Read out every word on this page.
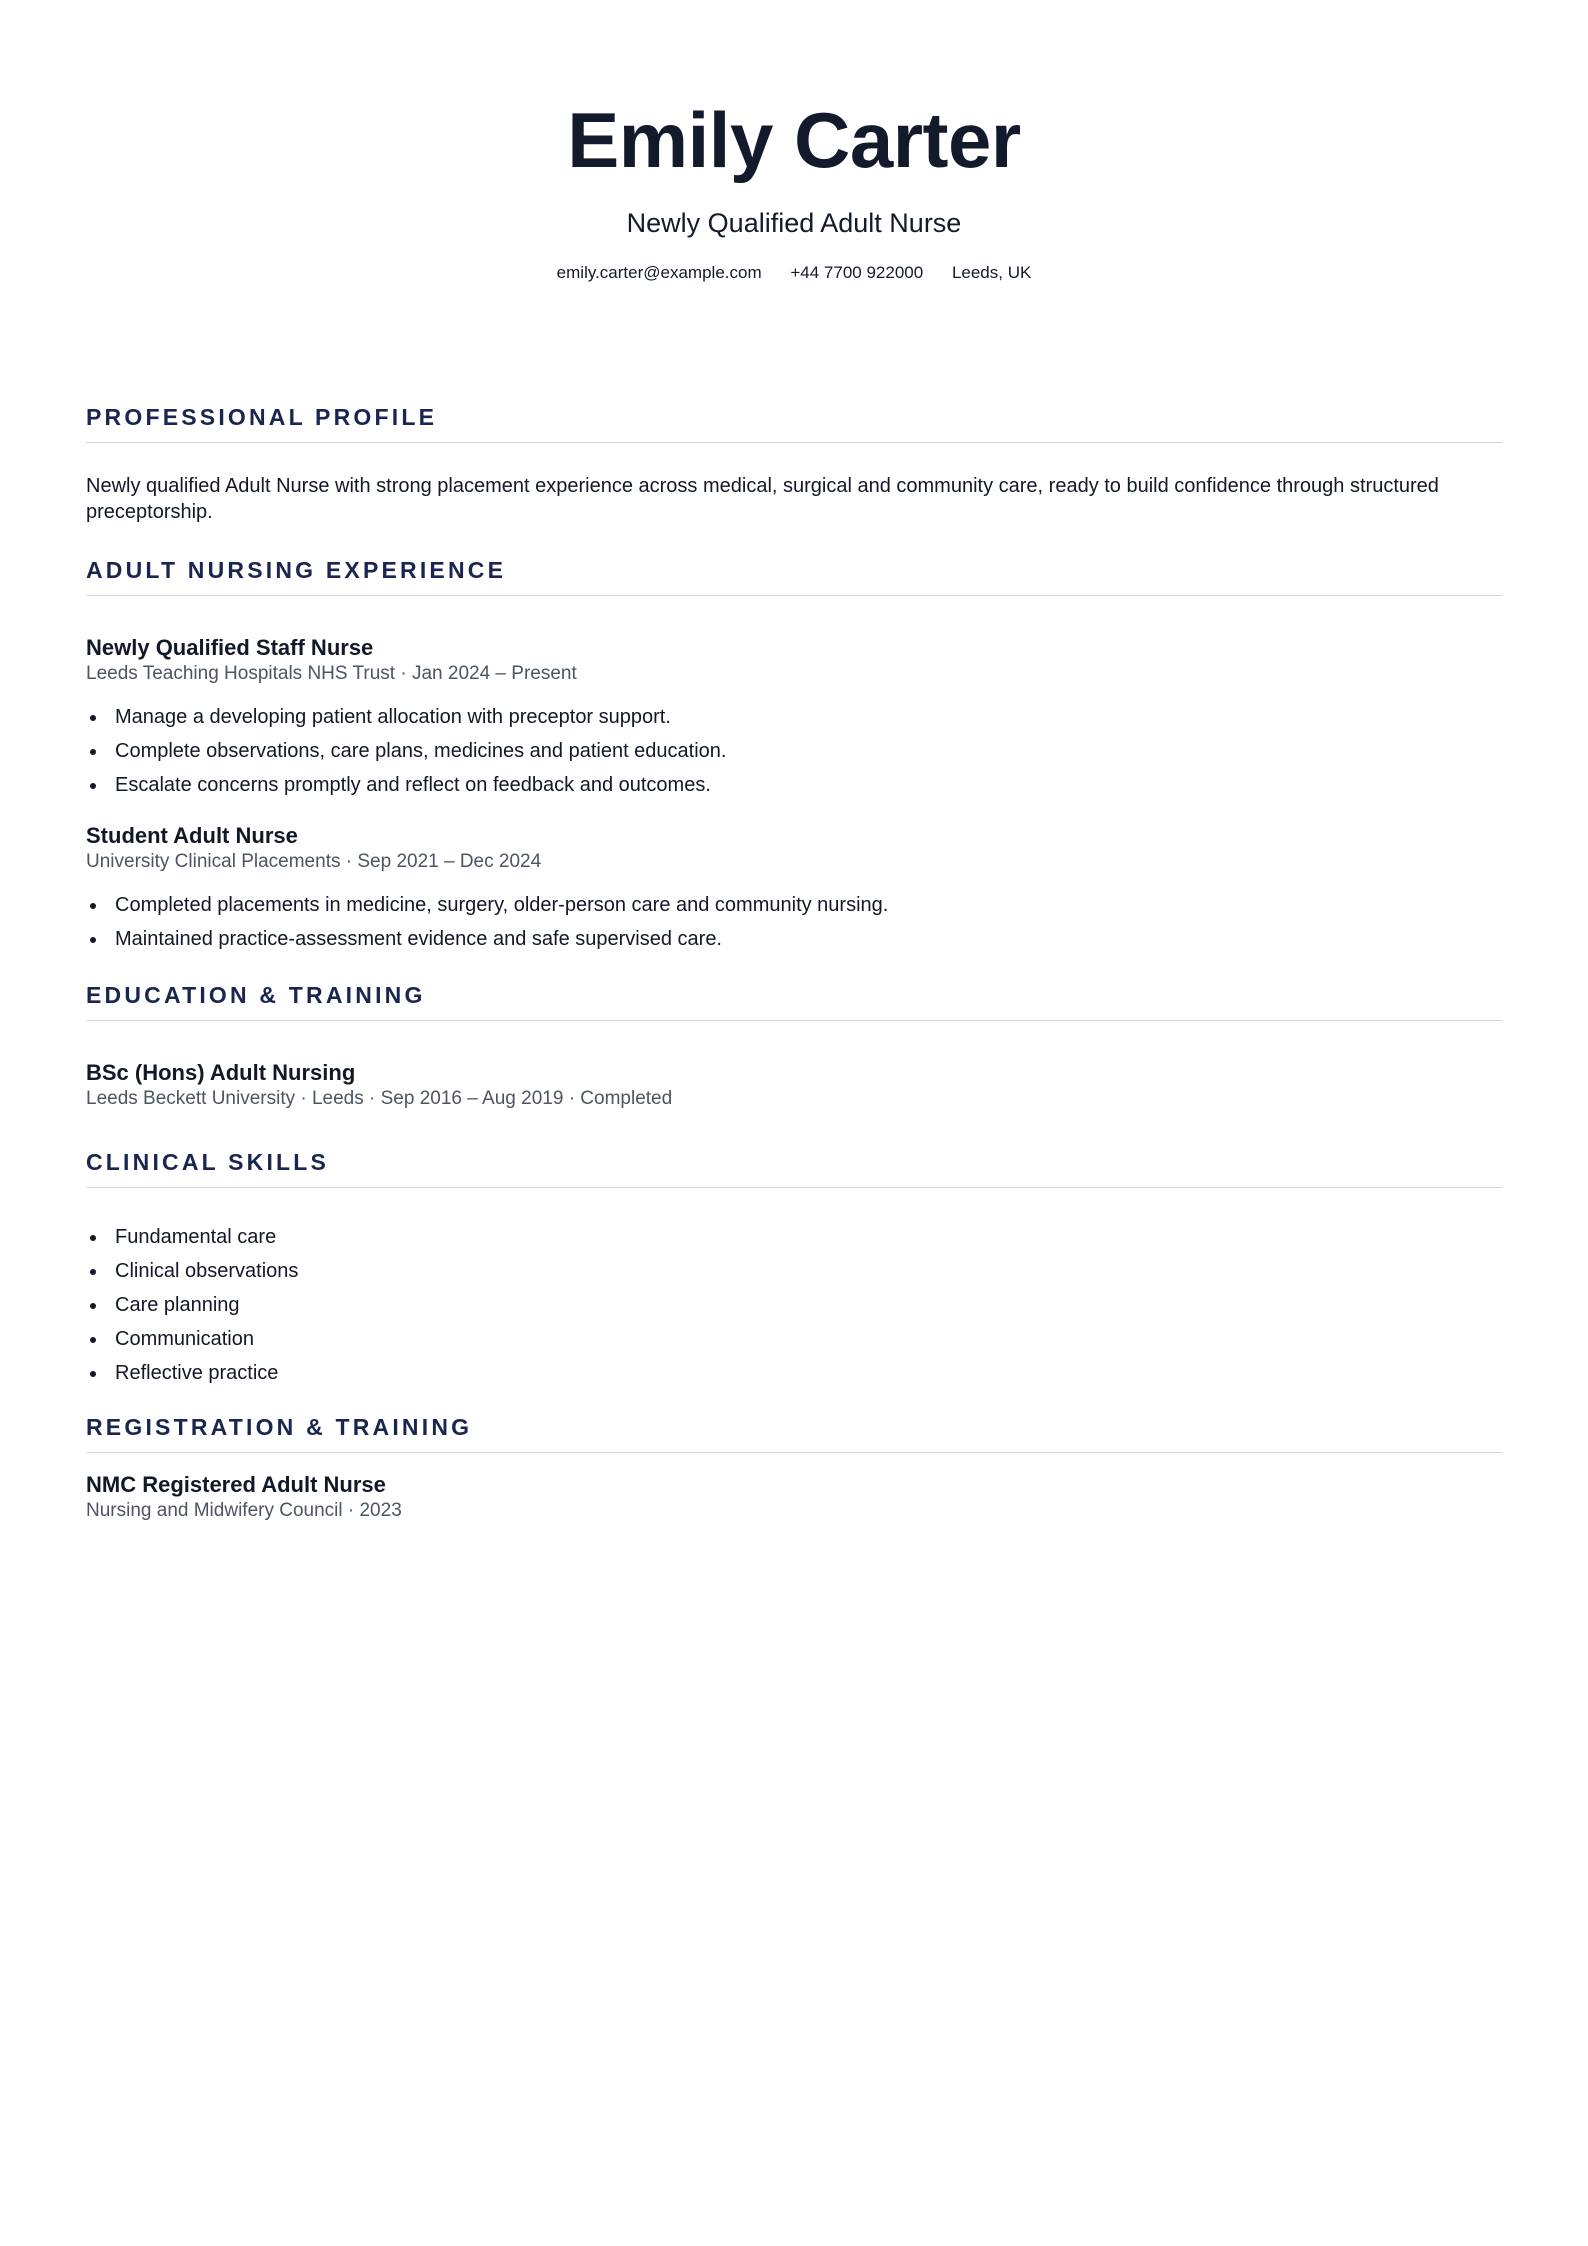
Emily Carter
Newly Qualified Adult Nurse
emily.carter@example.com +44 7700 922000 Leeds, UK
PROFESSIONAL PROFILE
Newly qualified Adult Nurse with strong placement experience across medical, surgical and community care, ready to build confidence through structured preceptorship.
ADULT NURSING EXPERIENCE
Newly Qualified Staff Nurse
Leeds Teaching Hospitals NHS Trust · Jan 2024 – Present
Manage a developing patient allocation with preceptor support.
Complete observations, care plans, medicines and patient education.
Escalate concerns promptly and reflect on feedback and outcomes.
Student Adult Nurse
University Clinical Placements · Sep 2021 – Dec 2024
Completed placements in medicine, surgery, older-person care and community nursing.
Maintained practice-assessment evidence and safe supervised care.
EDUCATION & TRAINING
BSc (Hons) Adult Nursing
Leeds Beckett University · Leeds · Sep 2016 – Aug 2019 · Completed
CLINICAL SKILLS
Fundamental care
Clinical observations
Care planning
Communication
Reflective practice
REGISTRATION & TRAINING
NMC Registered Adult Nurse
Nursing and Midwifery Council · 2023
